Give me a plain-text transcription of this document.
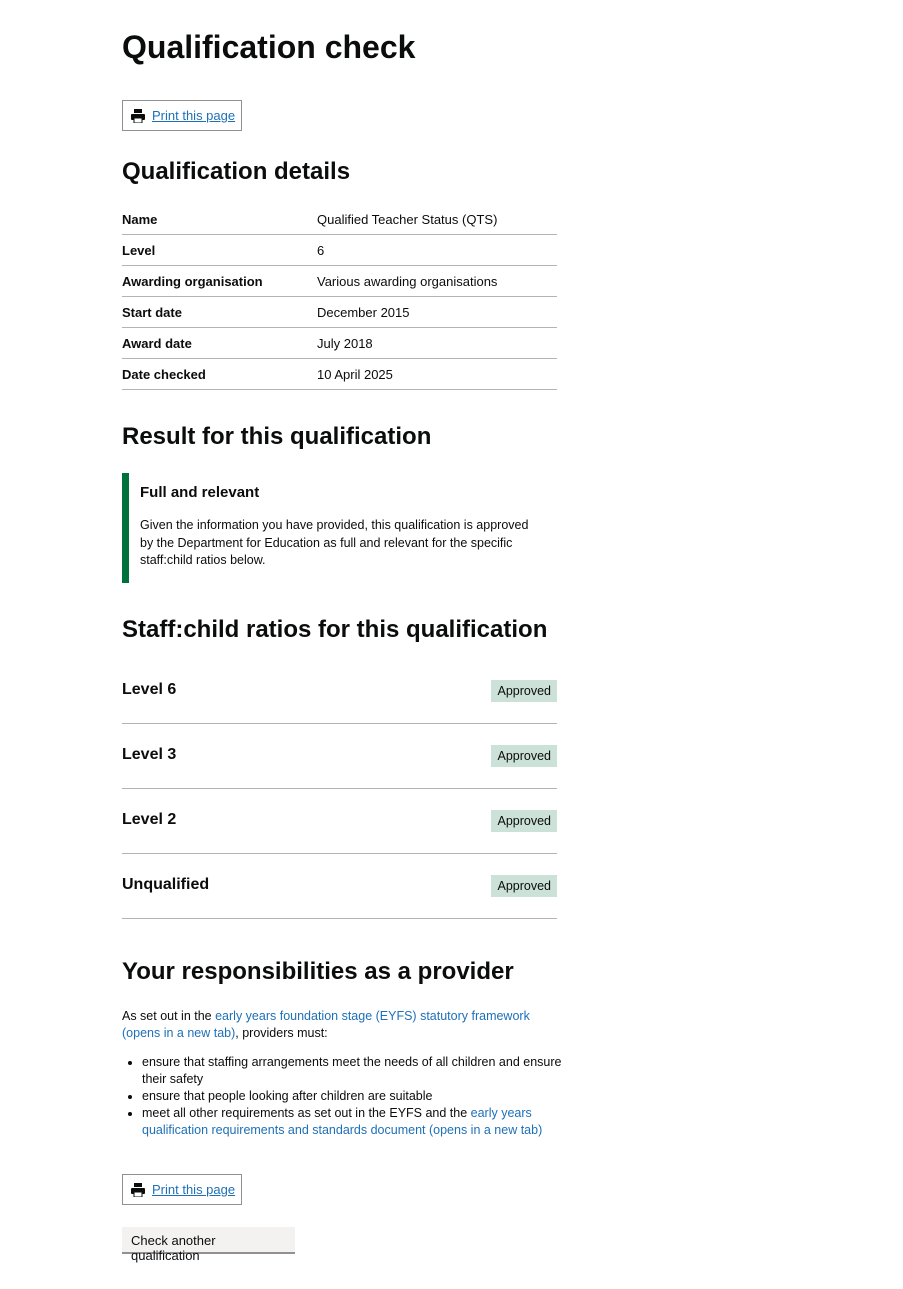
Qualification check
Print this page
Qualification details
Name	Qualified Teacher Status (QTS)
Level	6
Awarding organisation	Various awarding organisations
Start date	December 2015
Award date	July 2018
Date checked	10 April 2025
Result for this qualification
Full and relevant

Given the information you have provided, this qualification is approved by the Department for Education as full and relevant for the specific staff:child ratios below.

Staff:child ratios for this qualification
Level 6	Approved
Level 3	Approved
Level 2	Approved
Unqualified	Approved
Your responsibilities as a provider
As set out in the early years foundation stage (EYFS) statutory framework (opens in a new tab), providers must:
• ensure that staffing arrangements meet the needs of all children and ensure their safety
• ensure that people looking after children are suitable
• meet all other requirements as set out in the EYFS and the early years qualification requirements and standards document (opens in a new tab)
Print this page
Check another qualification
